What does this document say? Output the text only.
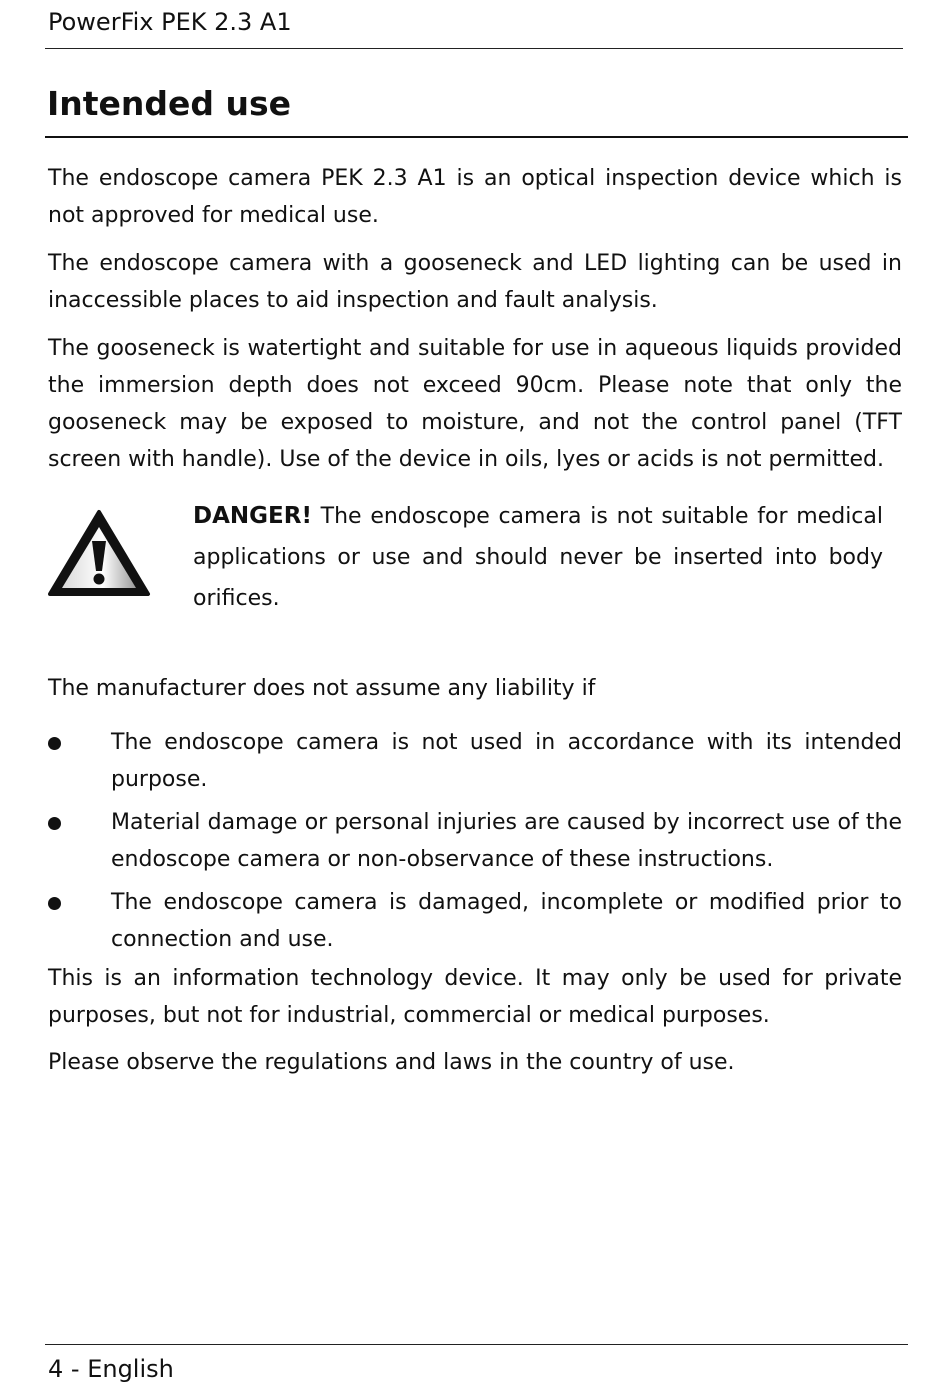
PowerFix PEK 2.3 A1
Intended use

The endoscope camera PEK 2.3 A1 is an optical inspection device which is not approved for medical use.

The endoscope camera with a gooseneck and LED lighting can be used in inaccessible places to aid inspection and fault analysis.

The gooseneck is watertight and suitable for use in aqueous liquids provided the immersion depth does not exceed 90cm. Please note that only the gooseneck may be exposed to moisture, and not the control panel (TFT screen with handle). Use of the device in oils, lyes or acids is not permitted.

DANGER! The endoscope camera is not suitable for medical applications or use and should never be inserted into body orifices.

The manufacturer does not assume any liability if

The endoscope camera is not used in accordance with its intended purpose.
Material damage or personal injuries are caused by incorrect use of the endoscope camera or non-observance of these instructions.
The endoscope camera is damaged, incomplete or modified prior to connection and use.

This is an information technology device. It may only be used for private purposes, but not for industrial, commercial or medical purposes.

Please observe the regulations and laws in the country of use.

4 - English
